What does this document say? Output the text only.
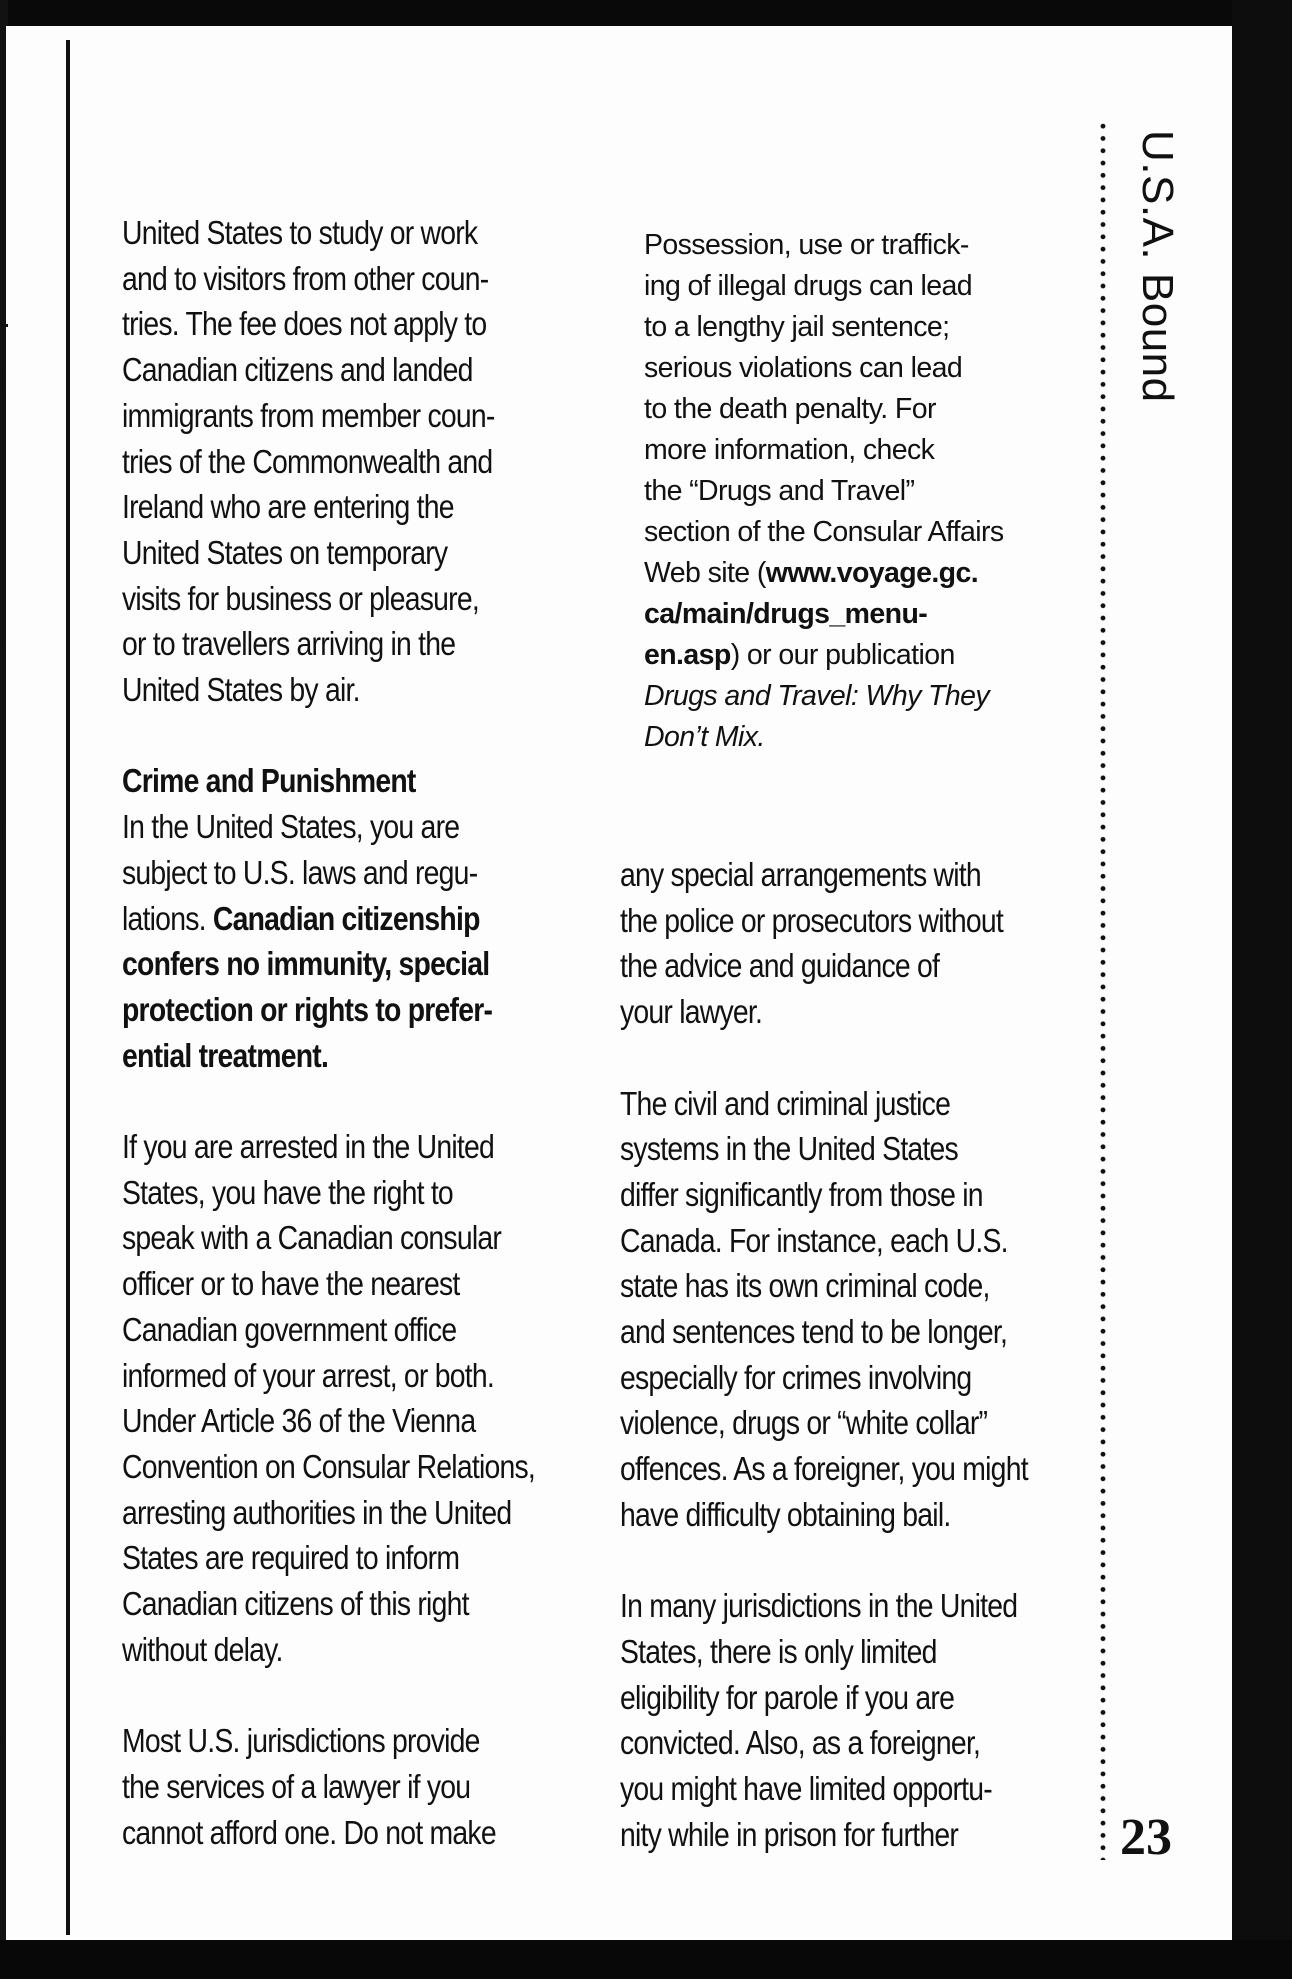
United States to study or work

and to visitors from other coun-

tries. The fee does not apply to

Canadian citizens and landed

immigrants from member coun-

tries of the Commonwealth and

Ireland who are entering the

United States on temporary

visits for business or pleasure,

or to travellers arriving in the

United States by air.

Crime and Punishment

In the United States, you are

subject to U.S. laws and regu-

lations. Canadian citizenship

confers no immunity, special

protection or rights to prefer-

ential treatment.

If you are arrested in the United

States, you have the right to

speak with a Canadian consular

officer or to have the nearest

Canadian government office

informed of your arrest, or both.

Under Article 36 of the Vienna

Convention on Consular Relations,

arresting authorities in the United

States are required to inform

Canadian citizens of this right

without delay.

Most U.S. jurisdictions provide

the services of a lawyer if you

cannot afford one. Do not make

Possession, use or traffick-

ing of illegal drugs can lead

to a lengthy jail sentence;

serious violations can lead

to the death penalty. For

more information, check

the “Drugs and Travel”

section of the Consular Affairs

Web site (www.voyage.gc.

ca/main/drugs_menu-

en.asp) or our publication

Drugs and Travel: Why They

Don’t Mix.

any special arrangements with

the police or prosecutors without

the advice and guidance of

your lawyer.

The civil and criminal justice

systems in the United States

differ significantly from those in

Canada. For instance, each U.S.

state has its own criminal code,

and sentences tend to be longer,

especially for crimes involving

violence, drugs or “white collar”

offences. As a foreigner, you might

have difficulty obtaining bail.

In many jurisdictions in the United

States, there is only limited

eligibility for parole if you are

convicted. Also, as a foreigner,

you might have limited opportu-

nity while in prison for further

U.S.A. Bound
23
